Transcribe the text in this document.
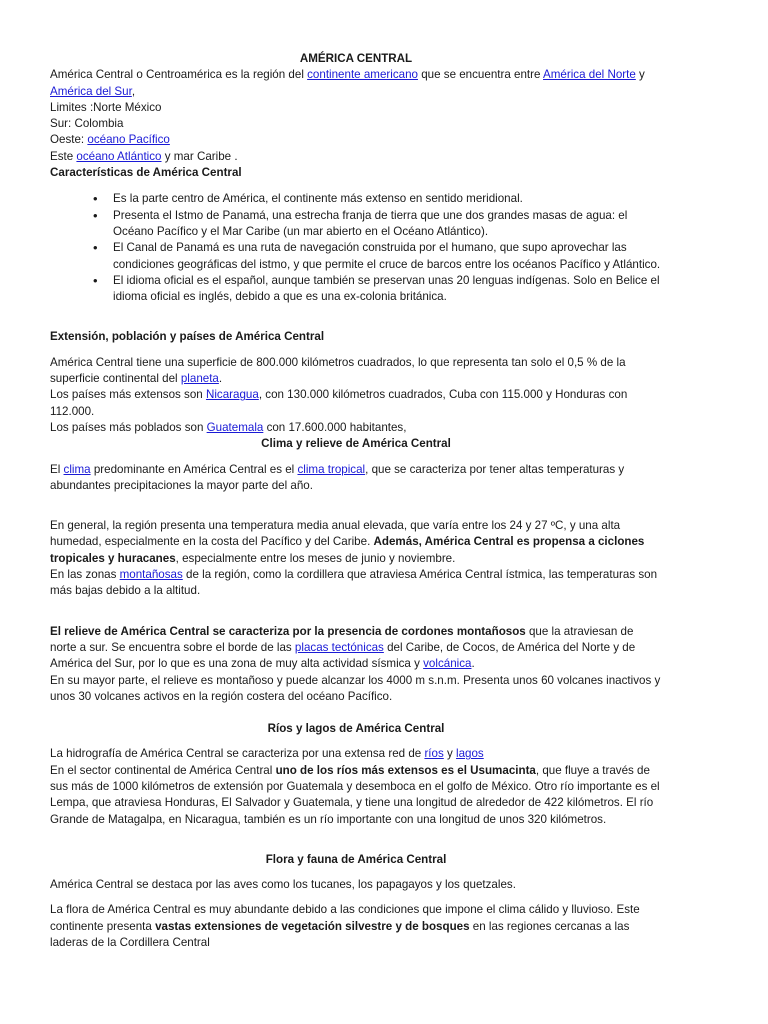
AMÉRICA CENTRAL

América Central o Centroamérica es la región del continente americano que se encuentra entre América del Norte y América del Sur,

Limites :Norte México

Sur: Colombia

Oeste: océano Pacífico

Este océano Atlántico y mar Caribe .

Características de América Central

• Es la parte centro de América, el continente más extenso en sentido meridional.
• Presenta el Istmo de Panamá, una estrecha franja de tierra que une dos grandes masas de agua: el Océano Pacífico y el Mar Caribe (un mar abierto en el Océano Atlántico).
• El Canal de Panamá es una ruta de navegación construida por el humano, que supo aprovechar las condiciones geográficas del istmo, y que permite el cruce de barcos entre los océanos Pacífico y Atlántico.
• El idioma oficial es el español, aunque también se preservan unas 20 lenguas indígenas. Solo en Belice el idioma oficial es inglés, debido a que es una ex-colonia británica.

Extensión, población y países de América Central

América Central tiene una superficie de 800.000 kilómetros cuadrados, lo que representa tan solo el 0,5 % de la superficie continental del planeta.

Los países más extensos son Nicaragua, con 130.000 kilómetros cuadrados, Cuba con 115.000 y Honduras con 112.000.

Los países más poblados son Guatemala con 17.600.000 habitantes,

Clima y relieve de América Central

El clima predominante en América Central es el clima tropical, que se caracteriza por tener altas temperaturas y abundantes precipitaciones la mayor parte del año.

En general, la región presenta una temperatura media anual elevada, que varía entre los 24 y 27 ºC, y una alta humedad, especialmente en la costa del Pacífico y del Caribe. Además, América Central es propensa a ciclones tropicales y huracanes, especialmente entre los meses de junio y noviembre.

En las zonas montañosas de la región, como la cordillera que atraviesa América Central ístmica, las temperaturas son más bajas debido a la altitud.

El relieve de América Central se caracteriza por la presencia de cordones montañosos que la atraviesan de norte a sur. Se encuentra sobre el borde de las placas tectónicas del Caribe, de Cocos, de América del Norte y de América del Sur, por lo que es una zona de muy alta actividad sísmica y volcánica.

En su mayor parte, el relieve es montañoso y puede alcanzar los 4000 m s.n.m. Presenta unos 60 volcanes inactivos y unos 30 volcanes activos en la región costera del océano Pacífico.

Ríos y lagos de América Central

La hidrografía de América Central se caracteriza por una extensa red de ríos y lagos

En el sector continental de América Central uno de los ríos más extensos es el Usumacinta, que fluye a través de sus más de 1000 kilómetros de extensión por Guatemala y desemboca en el golfo de México. Otro río importante es el Lempa, que atraviesa Honduras, El Salvador y Guatemala, y tiene una longitud de alrededor de 422 kilómetros. El río Grande de Matagalpa, en Nicaragua, también es un río importante con una longitud de unos 320 kilómetros.

Flora y fauna de América Central

América Central se destaca por las aves como los tucanes, los papagayos y los quetzales.

La flora de América Central es muy abundante debido a las condiciones que impone el clima cálido y lluvioso. Este continente presenta vastas extensiones de vegetación silvestre y de bosques en las regiones cercanas a las laderas de la Cordillera Central
